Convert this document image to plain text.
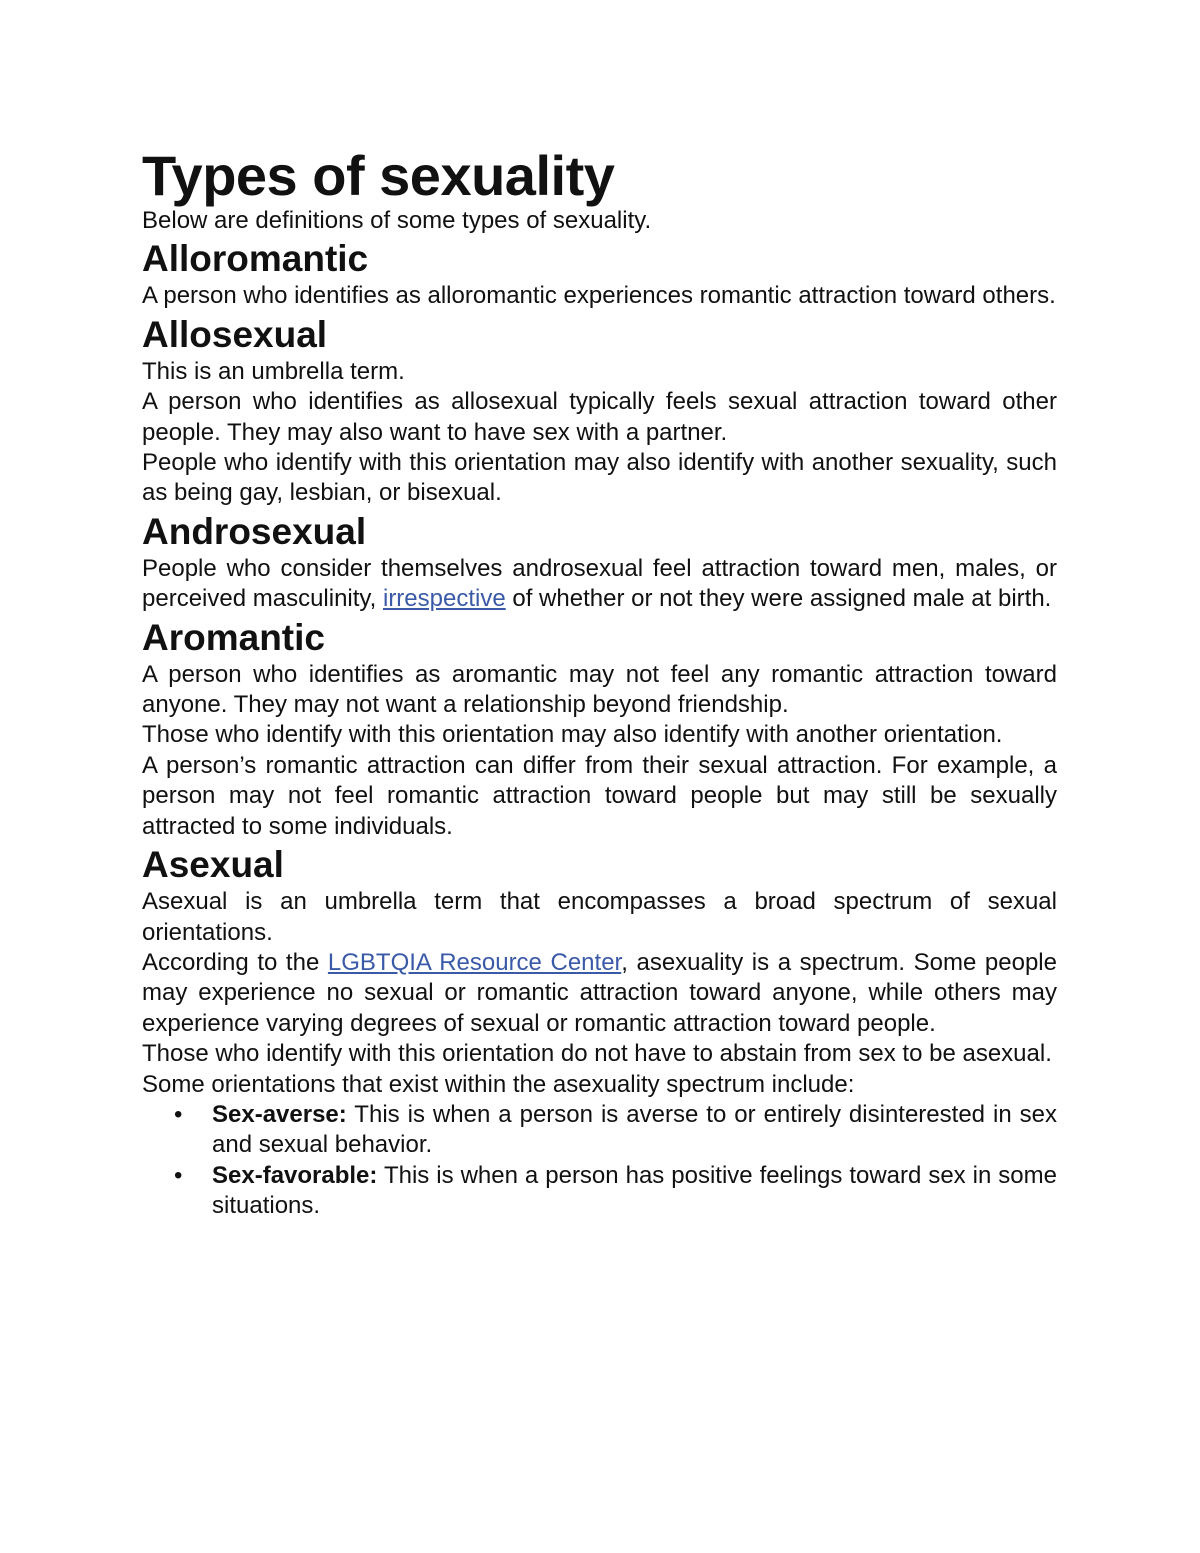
Types of sexuality

Below are definitions of some types of sexuality.

Alloromantic

A person who identifies as alloromantic experiences romantic attraction toward others.

Allosexual

This is an umbrella term.

A person who identifies as allosexual typically feels sexual attraction toward other people. They may also want to have sex with a partner.

People who identify with this orientation may also identify with another sexuality, such as being gay, lesbian, or bisexual.

Androsexual

People who consider themselves androsexual feel attraction toward men, males, or perceived masculinity, irrespective of whether or not they were assigned male at birth.

Aromantic

A person who identifies as aromantic may not feel any romantic attraction toward anyone. They may not want a relationship beyond friendship.

Those who identify with this orientation may also identify with another orientation.

A person’s romantic attraction can differ from their sexual attraction. For example, a person may not feel romantic attraction toward people but may still be sexually attracted to some individuals.

Asexual

Asexual is an umbrella term that encompasses a broad spectrum of sexual orientations.

According to the LGBTQIA Resource Center, asexuality is a spectrum. Some people may experience no sexual or romantic attraction toward anyone, while others may experience varying degrees of sexual or romantic attraction toward people.

Those who identify with this orientation do not have to abstain from sex to be asexual.

Some orientations that exist within the asexuality spectrum include:

• Sex-averse: This is when a person is averse to or entirely disinterested in sex and sexual behavior.
• Sex-favorable: This is when a person has positive feelings toward sex in some situations.
